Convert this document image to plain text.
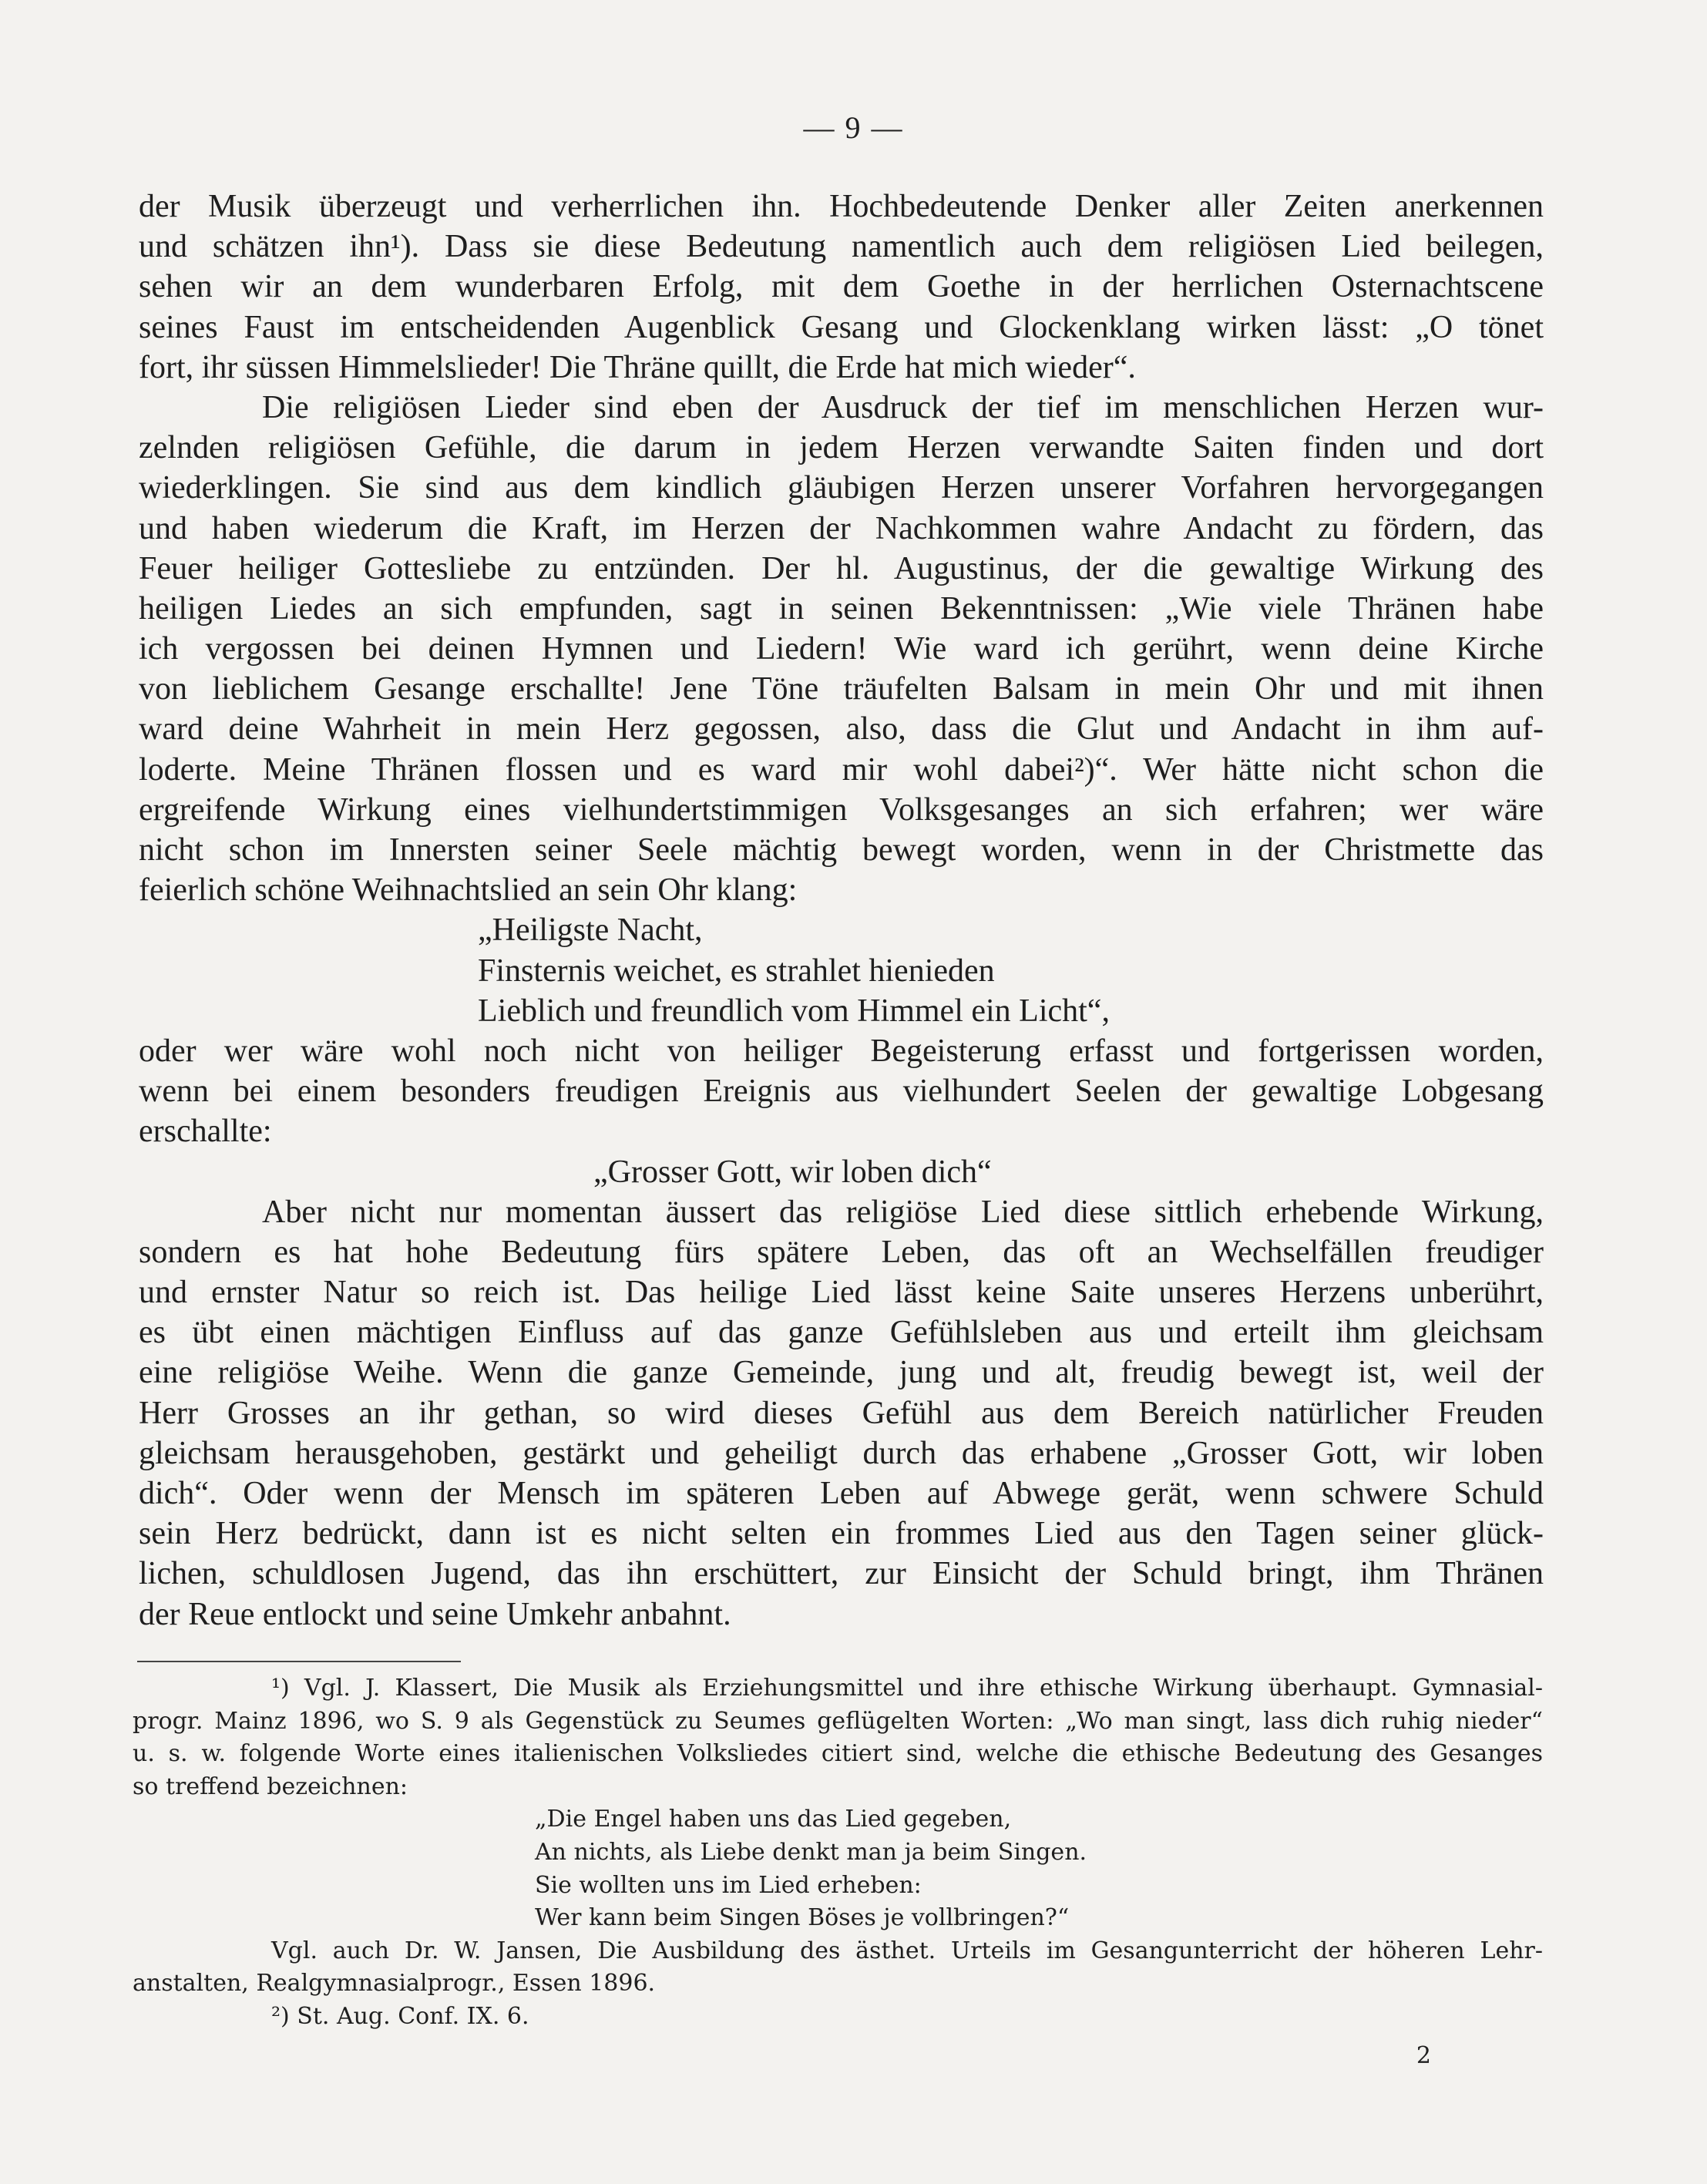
— 9 —
der Musik überzeugt und verherrlichen ihn. Hochbedeutende Denker aller Zeiten anerkennen
und schätzen ihn¹). Dass sie diese Bedeutung namentlich auch dem religiösen Lied beilegen,
sehen wir an dem wunderbaren Erfolg, mit dem Goethe in der herrlichen Osternachtscene
seines Faust im entscheidenden Augenblick Gesang und Glockenklang wirken lässt: „O tönet
fort, ihr süssen Himmelslieder! Die Thräne quillt, die Erde hat mich wieder“.
Die religiösen Lieder sind eben der Ausdruck der tief im menschlichen Herzen wur-
zelnden religiösen Gefühle, die darum in jedem Herzen verwandte Saiten finden und dort
wiederklingen. Sie sind aus dem kindlich gläubigen Herzen unserer Vorfahren hervorgegangen
und haben wiederum die Kraft, im Herzen der Nachkommen wahre Andacht zu fördern, das
Feuer heiliger Gottesliebe zu entzünden. Der hl. Augustinus, der die gewaltige Wirkung des
heiligen Liedes an sich empfunden, sagt in seinen Bekenntnissen: „Wie viele Thränen habe
ich vergossen bei deinen Hymnen und Liedern! Wie ward ich gerührt, wenn deine Kirche
von lieblichem Gesange erschallte! Jene Töne träufelten Balsam in mein Ohr und mit ihnen
ward deine Wahrheit in mein Herz gegossen, also, dass die Glut und Andacht in ihm auf-
loderte. Meine Thränen flossen und es ward mir wohl dabei²)“. Wer hätte nicht schon die
ergreifende Wirkung eines vielhundertstimmigen Volksgesanges an sich erfahren; wer wäre
nicht schon im Innersten seiner Seele mächtig bewegt worden, wenn in der Christmette das
feierlich schöne Weihnachtslied an sein Ohr klang:
„Heiligste Nacht,
Finsternis weichet, es strahlet hienieden
Lieblich und freundlich vom Himmel ein Licht“,
oder wer wäre wohl noch nicht von heiliger Begeisterung erfasst und fortgerissen worden,
wenn bei einem besonders freudigen Ereignis aus vielhundert Seelen der gewaltige Lobgesang
erschallte:
„Grosser Gott, wir loben dich“
Aber nicht nur momentan äussert das religiöse Lied diese sittlich erhebende Wirkung,
sondern es hat hohe Bedeutung fürs spätere Leben, das oft an Wechselfällen freudiger
und ernster Natur so reich ist. Das heilige Lied lässt keine Saite unseres Herzens unberührt,
es übt einen mächtigen Einfluss auf das ganze Gefühlsleben aus und erteilt ihm gleichsam
eine religiöse Weihe. Wenn die ganze Gemeinde, jung und alt, freudig bewegt ist, weil der
Herr Grosses an ihr gethan, so wird dieses Gefühl aus dem Bereich natürlicher Freuden
gleichsam herausgehoben, gestärkt und geheiligt durch das erhabene „Grosser Gott, wir loben
dich“. Oder wenn der Mensch im späteren Leben auf Abwege gerät, wenn schwere Schuld
sein Herz bedrückt, dann ist es nicht selten ein frommes Lied aus den Tagen seiner glück-
lichen, schuldlosen Jugend, das ihn erschüttert, zur Einsicht der Schuld bringt, ihm Thränen
der Reue entlockt und seine Umkehr anbahnt.
¹) Vgl. J. Klassert, Die Musik als Erziehungsmittel und ihre ethische Wirkung überhaupt. Gymnasial-
progr. Mainz 1896, wo S. 9 als Gegenstück zu Seumes geflügelten Worten: „Wo man singt, lass dich ruhig nieder“
u. s. w. folgende Worte eines italienischen Volksliedes citiert sind, welche die ethische Bedeutung des Gesanges
so treffend bezeichnen:
„Die Engel haben uns das Lied gegeben,
An nichts, als Liebe denkt man ja beim Singen.
Sie wollten uns im Lied erheben:
Wer kann beim Singen Böses je vollbringen?“
Vgl. auch Dr. W. Jansen, Die Ausbildung des ästhet. Urteils im Gesangunterricht der höheren Lehr-
anstalten, Realgymnasialprogr., Essen 1896.
²) St. Aug. Conf. IX. 6.
2
